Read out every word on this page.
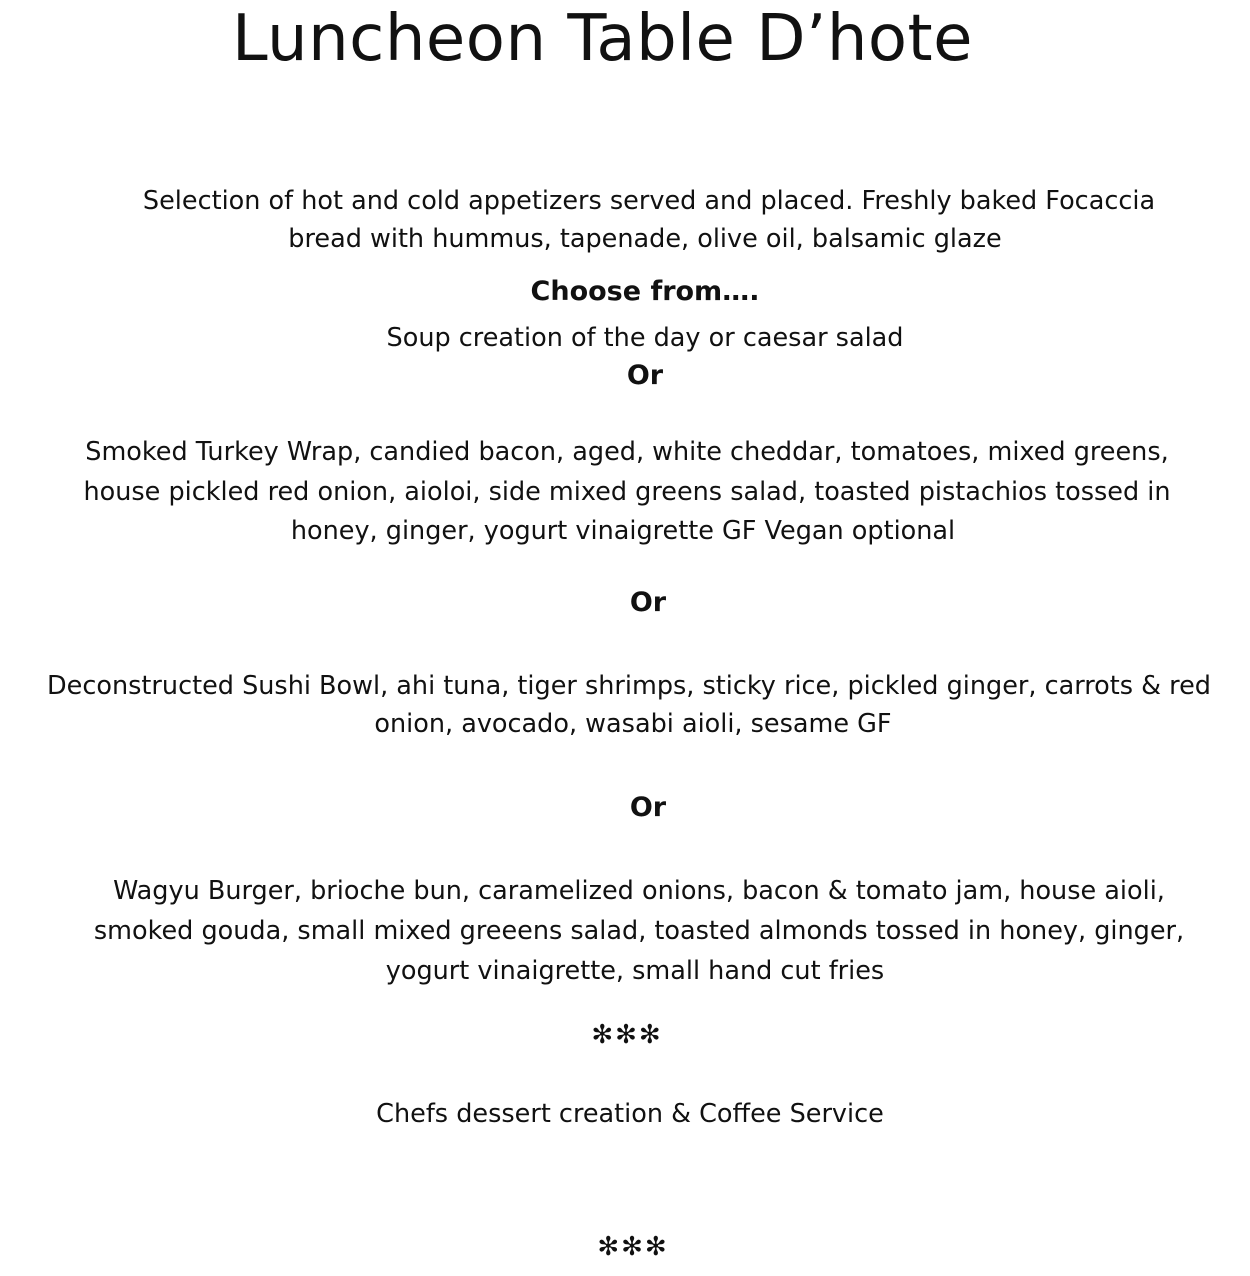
Luncheon Table D’hote

Selection of hot and cold appetizers served and placed. Freshly baked Focaccia

bread with hummus, tapenade, olive oil, balsamic glaze

Choose from….

Soup creation of the day or caesar salad

Or

Smoked Turkey Wrap, candied bacon, aged, white cheddar, tomatoes, mixed greens,

house pickled red onion, aioloi, side mixed greens salad, toasted pistachios tossed in

honey, ginger, yogurt vinaigrette GF Vegan optional

Or

Deconstructed Sushi Bowl, ahi tuna, tiger shrimps, sticky rice, pickled ginger, carrots & red

onion, avocado, wasabi aioli, sesame GF

Or

Wagyu Burger, brioche bun, caramelized onions, bacon & tomato jam, house aioli,

smoked gouda, small mixed greeens salad, toasted almonds tossed in honey, ginger,

yogurt vinaigrette, small hand cut fries

✻✻✻

Chefs dessert creation & Coffee Service

✻✻✻
